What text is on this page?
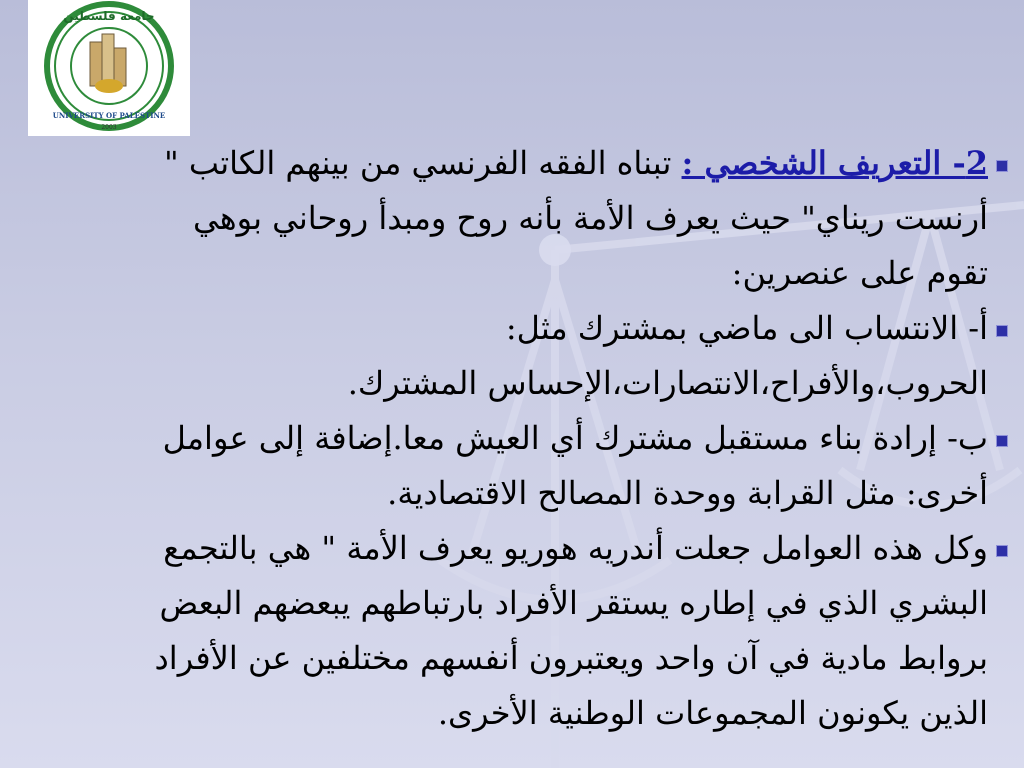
جامعة فلسطين
UNIVERSITY OF PALESTINE
2003
2- التعريف الشخصي : تبناه الفقه الفرنسي من بينهم الكاتب "
أرنست ريناي" حيث يعرف الأمة بأنه روح ومبدأ روحاني بوهي
تقوم على عنصرين:
أ- الانتساب الى ماضي بمشترك مثل:
الحروب،والأفراح،الانتصارات،الإحساس المشترك.
ب- إرادة بناء مستقبل مشترك أي العيش معا.إضافة إلى عوامل
أخرى: مثل القرابة ووحدة المصالح الاقتصادية.
وكل هذه العوامل جعلت أندريه هوريو يعرف الأمة " هي بالتجمع
البشري الذي في إطاره يستقر الأفراد بارتباطهم يبعضهم البعض
بروابط مادية في آن واحد ويعتبرون أنفسهم مختلفين عن الأفراد
الذين يكونون المجموعات الوطنية الأخرى.
